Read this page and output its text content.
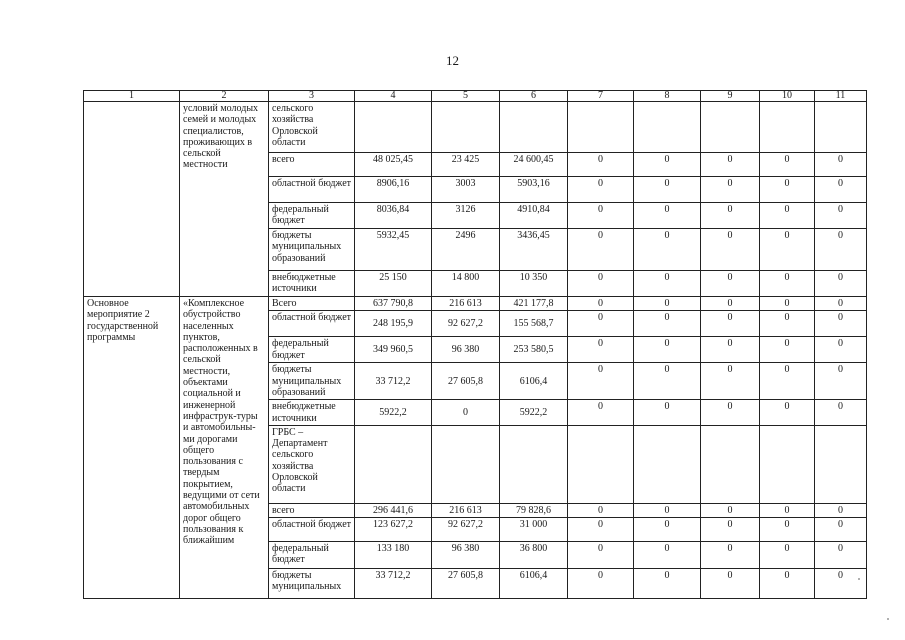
12
1	2	3	4	5	6	7	8	9	10	11
	условий молодых семей и молодых специалистов, проживающих в сельской местности	сельского хозяйства Орловской области								
		всего	48 025,45	23 425	24 600,45	0	0	0	0	0
		областной бюджет	8906,16	3003	5903,16	0	0	0	0	0
		федеральный бюджет	8036,84	3126	4910,84	0	0	0	0	0
		бюджеты муниципальных образований	5932,45	2496	3436,45	0	0	0	0	0
		внебюджетные источники	25 150	14 800	10 350	0	0	0	0	0
Основное мероприятие 2 государственной программы	«Комплексное обустройство населенных пунктов, расположенных в сельской местности, объектами социальной и инженерной инфраструк-туры и автомобильны-ми дорогами общего пользования с твердым покрытием, ведущими от сети автомобильных дорог общего пользования к ближайшим	Всего	637 790,8	216 613	421 177,8	0	0	0	0	0
		областной бюджет	248 195,9	92 627,2	155 568,7	0	0	0	0	0
		федеральный бюджет	349 960,5	96 380	253 580,5	0	0	0	0	0
		бюджеты муниципальных образований	33 712,2	27 605,8	6106,4	0	0	0	0	0
		внебюджетные источники	5922,2	0	5922,2	0	0	0	0	0
		ГРБС – Департамент сельского хозяйства Орловской области								
		всего	296 441,6	216 613	79 828,6	0	0	0	0	0
		областной бюджет	123 627,2	92 627,2	31 000	0	0	0	0	0
		федеральный бюджет	133 180	96 380	36 800	0	0	0	0	0
		бюджеты муниципальных	33 712,2	27 605,8	6106,4	0	0	0	0	0
